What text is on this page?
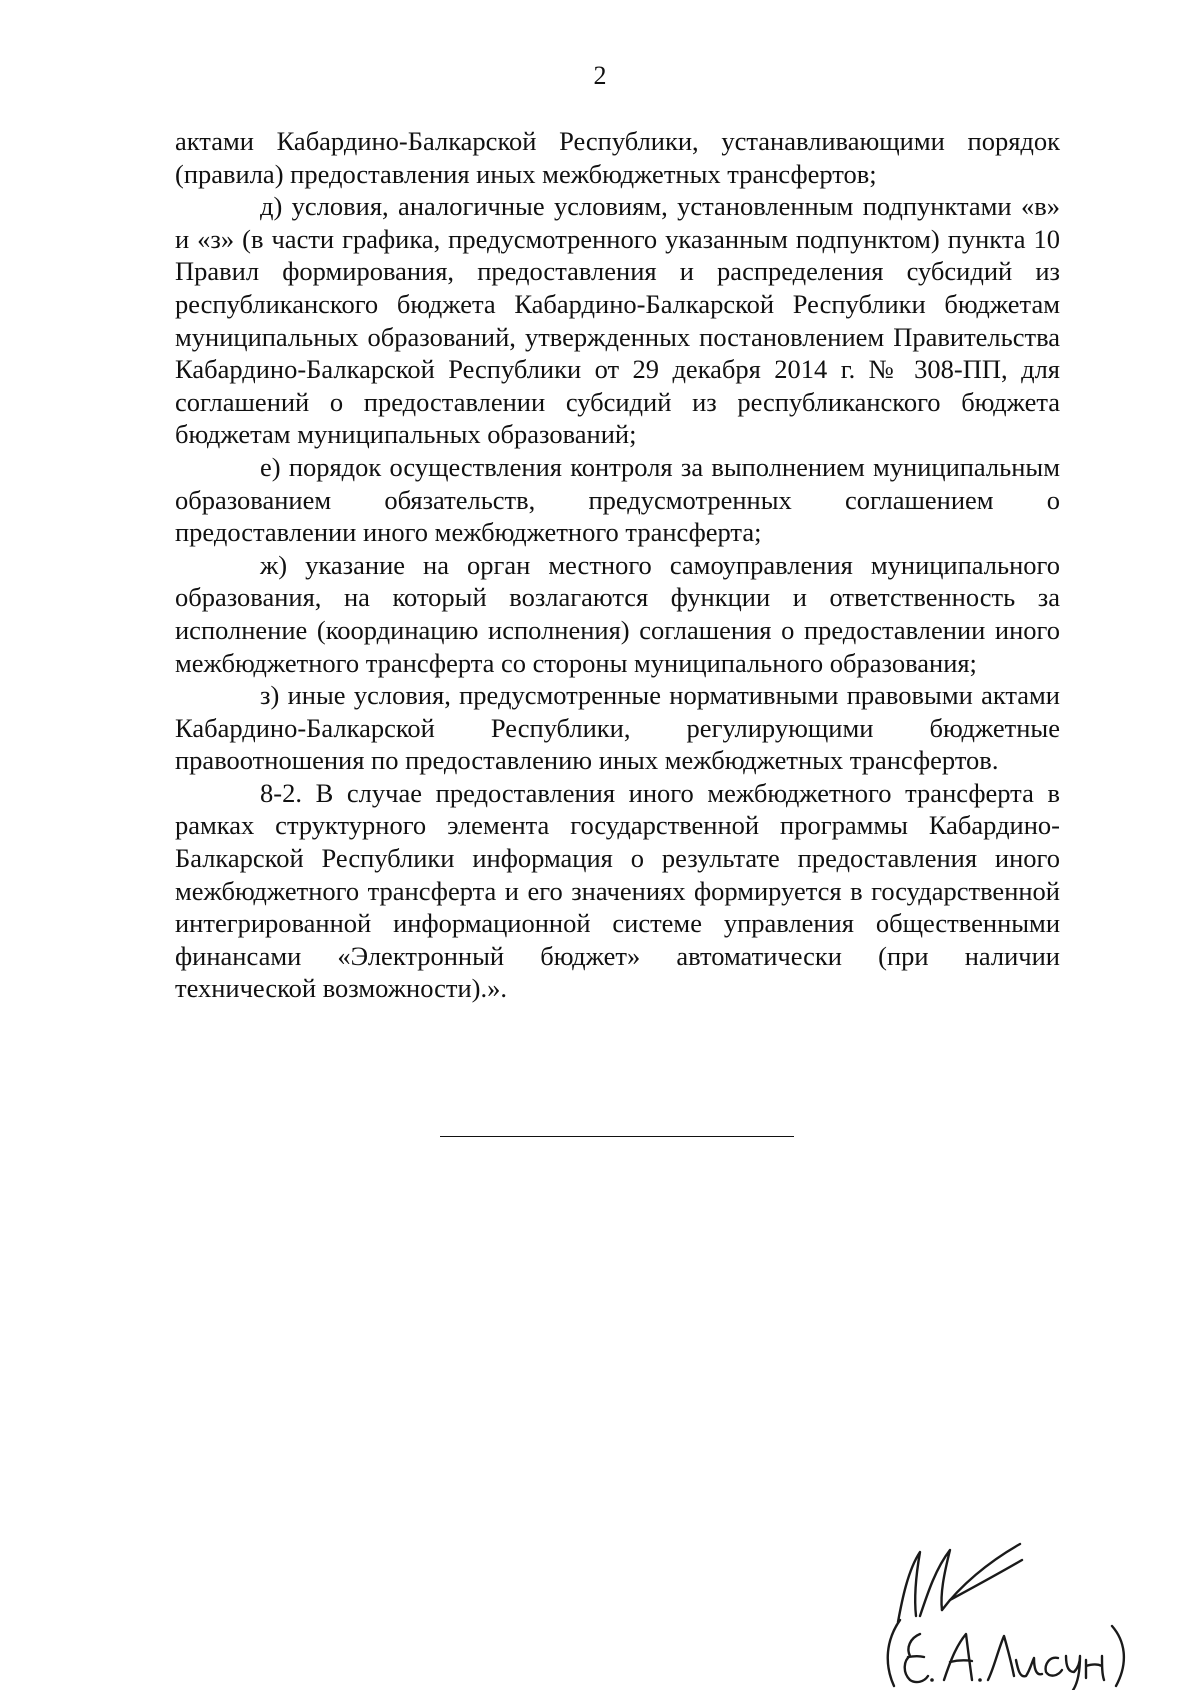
2

актами Кабардино-Балкарской Республики, устанавливающими порядок (правила) предоставления иных межбюджетных трансфертов;

д) условия, аналогичные условиям, установленным подпунктами «в» и «з» (в части графика, предусмотренного указанным подпунктом) пункта 10 Правил формирования, предоставления и распределения субсидий из республиканского бюджета Кабардино-Балкарской Республики бюджетам муниципальных образований, утвержденных постановлением Правительства Кабардино-Балкарской Республики от 29 декабря 2014 г. № 308-ПП, для соглашений о предоставлении субсидий из республиканского бюджета бюджетам муниципальных образований;

е) порядок осуществления контроля за выполнением муниципальным образованием обязательств, предусмотренных соглашением о предоставлении иного межбюджетного трансферта;

ж) указание на орган местного самоуправления муниципального образования, на который возлагаются функции и ответственность за исполнение (координацию исполнения) соглашения о предоставлении иного межбюджетного трансферта со стороны муниципального образования;

з) иные условия, предусмотренные нормативными правовыми актами Кабардино-Балкарской Республики, регулирующими бюджетные правоотношения по предоставлению иных межбюджетных трансфертов.

8-2. В случае предоставления иного межбюджетного трансферта в рамках структурного элемента государственной программы Кабардино-Балкарской Республики информация о результате предоставления иного межбюджетного трансферта и его значениях формируется в государственной интегрированной информационной системе управления общественными финансами «Электронный бюджет» автоматически (при наличии технической возможности).».
